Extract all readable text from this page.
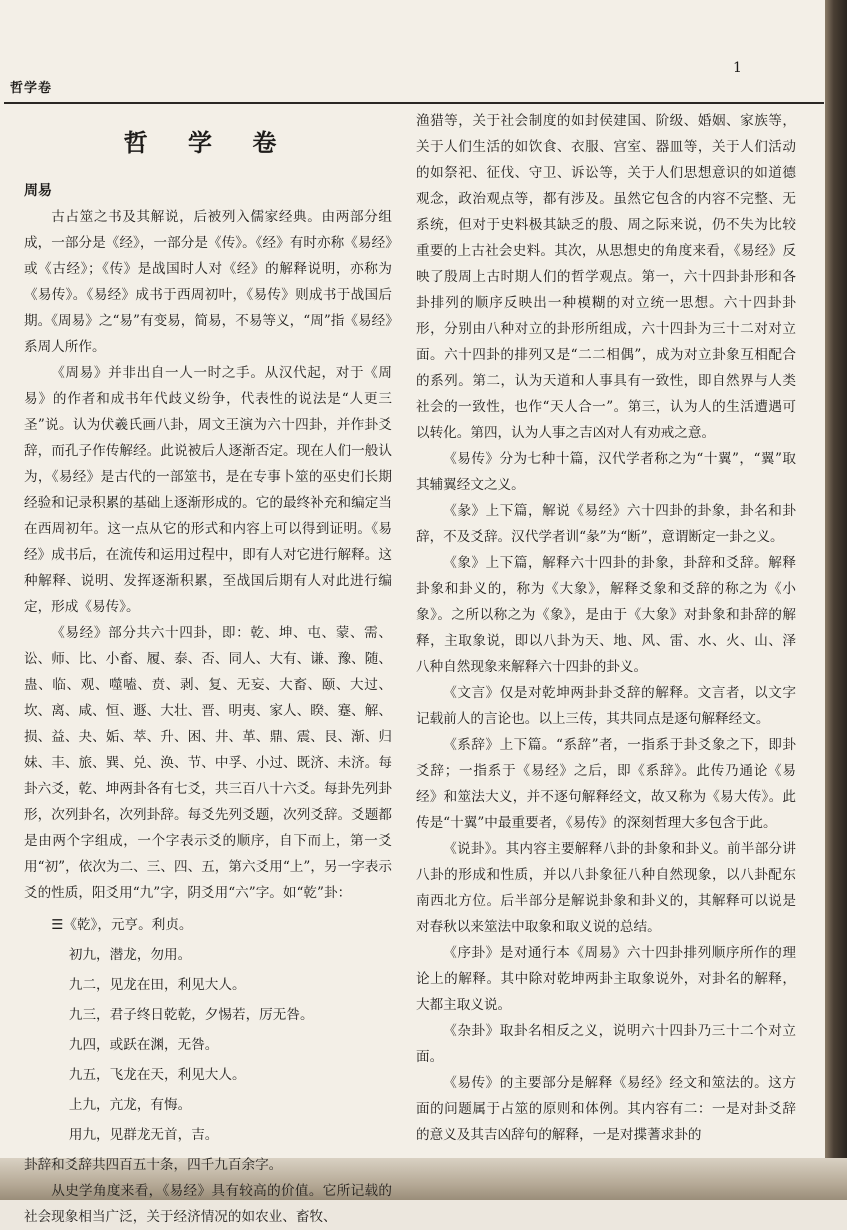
哲学卷
1
哲 学 卷
周易

古占筮之书及其解说，后被列入儒家经典。由两部分组成，一部分是《经》，一部分是《传》。《经》有时亦称《易经》或《古经》；《传》是战国时人对《经》的解释说明，亦称为《易传》。《易经》成书于西周初叶，《易传》则成书于战国后期。《周易》之“易”有变易，简易，不易等义，“周”指《易经》系周人所作。

《周易》并非出自一人一时之手。从汉代起，对于《周易》的作者和成书年代歧义纷争，代表性的说法是“人更三圣”说。认为伏羲氏画八卦，周文王演为六十四卦，并作卦爻辞，而孔子作传解经。此说被后人逐渐否定。现在人们一般认为，《易经》是古代的一部筮书，是在专事卜筮的巫史们长期经验和记录积累的基础上逐渐形成的。它的最终补充和编定当在西周初年。这一点从它的形式和内容上可以得到证明。《易经》成书后，在流传和运用过程中，即有人对它进行解释。这种解释、说明、发挥逐渐积累，至战国后期有人对此进行编定，形成《易传》。

《易经》部分共六十四卦，即：乾、坤、屯、蒙、需、讼、师、比、小畜、履、泰、否、同人、大有、谦、豫、随、蛊、临、观、噬嗑、贲、剥、复、无妄、大畜、颐、大过、坎、离、咸、恒、遯、大壮、晋、明夷、家人、睽、蹇、解、损、益、夬、姤、萃、升、困、井、革、鼎、震、艮、渐、归妹、丰、旅、巽、兑、涣、节、中孚、小过、既济、未济。每卦六爻，乾、坤两卦各有七爻，共三百八十六爻。每卦先列卦形，次列卦名，次列卦辞。每爻先列爻题，次列爻辞。爻题都是由两个字组成，一个字表示爻的顺序，自下而上，第一爻用“初”，依次为二、三、四、五，第六爻用“上”，另一字表示爻的性质，阳爻用“九”字，阴爻用“六”字。如“乾”卦：

☰《乾》，元亨。利贞。
初九，潜龙，勿用。
九二，见龙在田，利见大人。
九三，君子终日乾乾，夕惕若，厉无咎。
九四，或跃在渊，无咎。
九五，飞龙在天，利见大人。
上九，亢龙，有悔。
用九，见群龙无首，吉。

卦辞和爻辞共四百五十条，四千九百余字。

从史学角度来看，《易经》具有较高的价值。它所记载的社会现象相当广泛，关于经济情况的如农业、畜牧、

渔猎等，关于社会制度的如封侯建国、阶级、婚姻、家族等，关于人们生活的如饮食、衣服、宫室、器皿等，关于人们活动的如祭祀、征伐、守卫、诉讼等，关于人们思想意识的如道德观念，政治观点等，都有涉及。虽然它包含的内容不完整、无系统，但对于史料极其缺乏的殷、周之际来说，仍不失为比较重要的上古社会史料。其次，从思想史的角度来看，《易经》反映了殷周上古时期人们的哲学观点。第一，六十四卦卦形和各卦排列的顺序反映出一种模糊的对立统一思想。六十四卦卦形，分别由八种对立的卦形所组成，六十四卦为三十二对对立面。六十四卦的排列又是“二二相偶”，成为对立卦象互相配合的系列。第二，认为天道和人事具有一致性，即自然界与人类社会的一致性，也作“天人合一”。第三，认为人的生活遭遇可以转化。第四，认为人事之吉凶对人有劝戒之意。

《易传》分为七种十篇，汉代学者称之为“十翼”，“翼”取其辅翼经文之义。

《彖》上下篇，解说《易经》六十四卦的卦象，卦名和卦辞，不及爻辞。汉代学者训“彖”为“断”，意谓断定一卦之义。

《象》上下篇，解释六十四卦的卦象，卦辞和爻辞。解释卦象和卦义的，称为《大象》，解释爻象和爻辞的称之为《小象》。之所以称之为《象》，是由于《大象》对卦象和卦辞的解释，主取象说，即以八卦为天、地、风、雷、水、火、山、泽八种自然现象来解释六十四卦的卦义。

《文言》仅是对乾坤两卦卦爻辞的解释。文言者，以文字记载前人的言论也。以上三传，其共同点是逐句解释经文。

《系辞》上下篇。“系辞”者，一指系于卦爻象之下，即卦爻辞；一指系于《易经》之后，即《系辞》。此传乃通论《易经》和筮法大义，并不逐句解释经文，故又称为《易大传》。此传是“十翼”中最重要者，《易传》的深刻哲理大多包含于此。

《说卦》。其内容主要解释八卦的卦象和卦义。前半部分讲八卦的形成和性质，并以八卦象征八种自然现象，以八卦配东南西北方位。后半部分是解说卦象和卦义的，其解释可以说是对春秋以来筮法中取象和取义说的总结。

《序卦》是对通行本《周易》六十四卦排列顺序所作的理论上的解释。其中除对乾坤两卦主取象说外，对卦名的解释，大都主取义说。

《杂卦》取卦名相反之义，说明六十四卦乃三十二个对立面。

《易传》的主要部分是解释《易经》经文和筮法的。这方面的问题属于占筮的原则和体例。其内容有二：一是对卦爻辞的意义及其吉凶辞句的解释，一是对揲蓍求卦的
